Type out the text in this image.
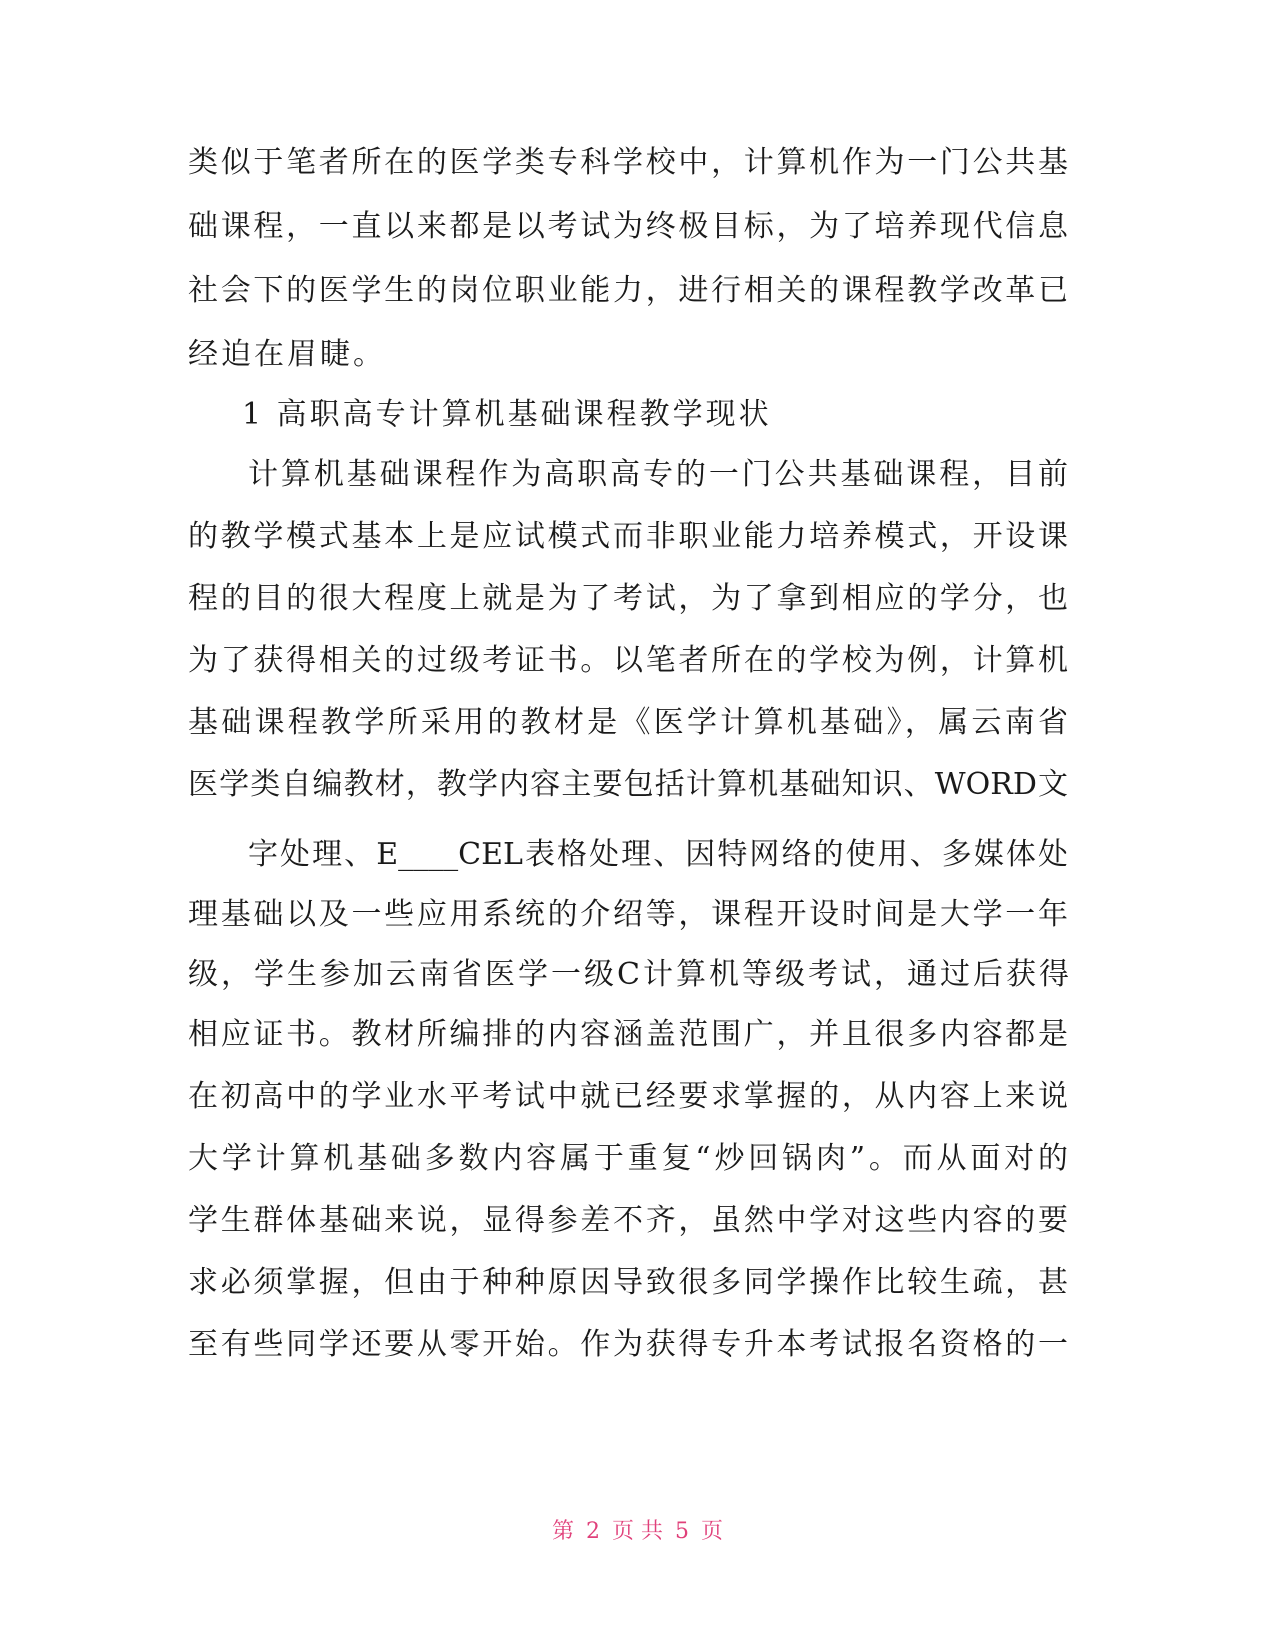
类似于笔者所在的医学类专科学校中，计算机作为一门公共基
础课程，一直以来都是以考试为终极目标，为了培养现代信息
社会下的医学生的岗位职业能力，进行相关的课程教学改革已
经迫在眉睫。
1 高职高专计算机基础课程教学现状
计算机基础课程作为高职高专的一门公共基础课程，目前
的教学模式基本上是应试模式而非职业能力培养模式，开设课
程的目的很大程度上就是为了考试，为了拿到相应的学分，也
为了获得相关的过级考证书。以笔者所在的学校为例，计算机
基础课程教学所采用的教材是《医学计算机基础》，属云南省
医学类自编教材，教学内容主要包括计算机基础知识、WORD文
字处理、E____CEL表格处理、因特网络的使用、多媒体处
理基础以及一些应用系统的介绍等，课程开设时间是大学一年
级，学生参加云南省医学一级C计算机等级考试，通过后获得
相应证书。教材所编排的内容涵盖范围广，并且很多内容都是
在初高中的学业水平考试中就已经要求掌握的，从内容上来说
大学计算机基础多数内容属于重复“炒回锅肉”。而从面对的
学生群体基础来说，显得参差不齐，虽然中学对这些内容的要
求必须掌握，但由于种种原因导致很多同学操作比较生疏，甚
至有些同学还要从零开始。作为获得专升本考试报名资格的一
第 2 页 共 5 页
